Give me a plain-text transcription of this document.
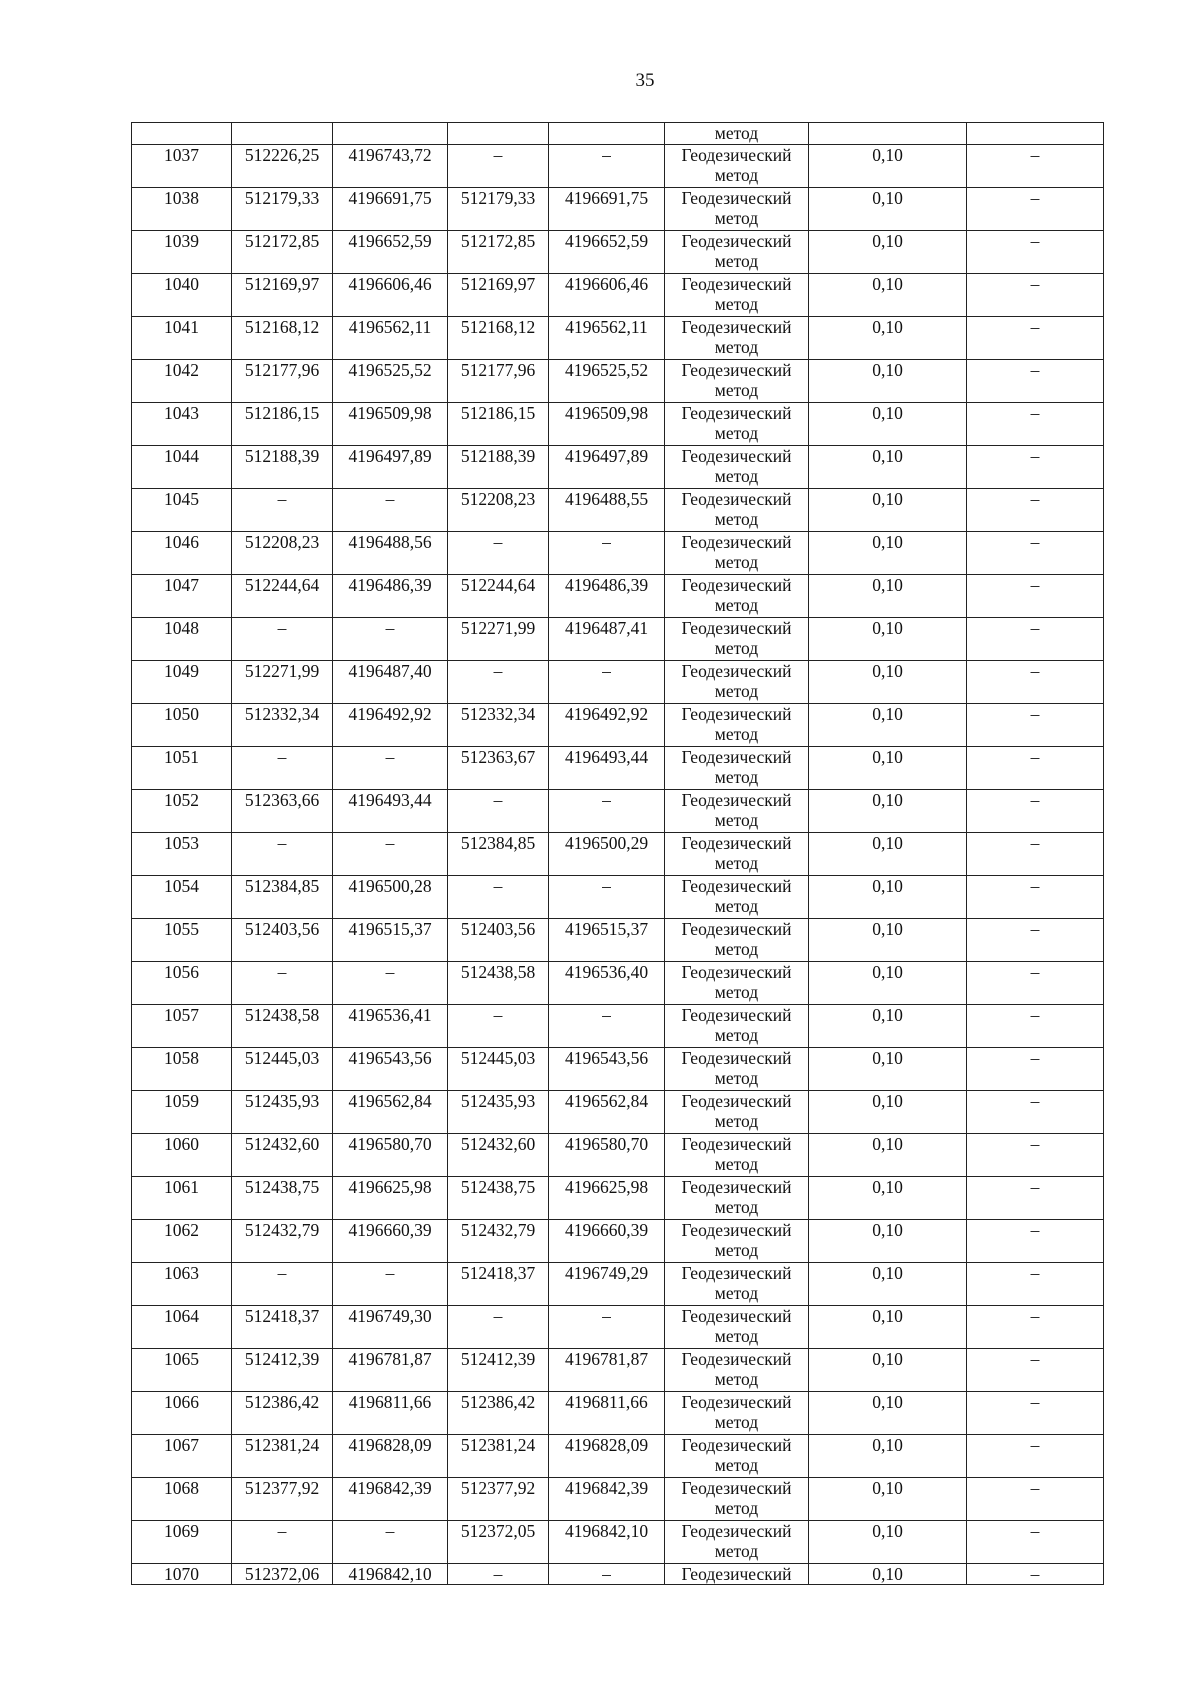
35
					метод		
1037	512226,25	4196743,72	–	–	Геодезический
метод	0,10	–
1038	512179,33	4196691,75	512179,33	4196691,75	Геодезический
метод	0,10	–
1039	512172,85	4196652,59	512172,85	4196652,59	Геодезический
метод	0,10	–
1040	512169,97	4196606,46	512169,97	4196606,46	Геодезический
метод	0,10	–
1041	512168,12	4196562,11	512168,12	4196562,11	Геодезический
метод	0,10	–
1042	512177,96	4196525,52	512177,96	4196525,52	Геодезический
метод	0,10	–
1043	512186,15	4196509,98	512186,15	4196509,98	Геодезический
метод	0,10	–
1044	512188,39	4196497,89	512188,39	4196497,89	Геодезический
метод	0,10	–
1045	–	–	512208,23	4196488,55	Геодезический
метод	0,10	–
1046	512208,23	4196488,56	–	–	Геодезический
метод	0,10	–
1047	512244,64	4196486,39	512244,64	4196486,39	Геодезический
метод	0,10	–
1048	–	–	512271,99	4196487,41	Геодезический
метод	0,10	–
1049	512271,99	4196487,40	–	–	Геодезический
метод	0,10	–
1050	512332,34	4196492,92	512332,34	4196492,92	Геодезический
метод	0,10	–
1051	–	–	512363,67	4196493,44	Геодезический
метод	0,10	–
1052	512363,66	4196493,44	–	–	Геодезический
метод	0,10	–
1053	–	–	512384,85	4196500,29	Геодезический
метод	0,10	–
1054	512384,85	4196500,28	–	–	Геодезический
метод	0,10	–
1055	512403,56	4196515,37	512403,56	4196515,37	Геодезический
метод	0,10	–
1056	–	–	512438,58	4196536,40	Геодезический
метод	0,10	–
1057	512438,58	4196536,41	–	–	Геодезический
метод	0,10	–
1058	512445,03	4196543,56	512445,03	4196543,56	Геодезический
метод	0,10	–
1059	512435,93	4196562,84	512435,93	4196562,84	Геодезический
метод	0,10	–
1060	512432,60	4196580,70	512432,60	4196580,70	Геодезический
метод	0,10	–
1061	512438,75	4196625,98	512438,75	4196625,98	Геодезический
метод	0,10	–
1062	512432,79	4196660,39	512432,79	4196660,39	Геодезический
метод	0,10	–
1063	–	–	512418,37	4196749,29	Геодезический
метод	0,10	–
1064	512418,37	4196749,30	–	–	Геодезический
метод	0,10	–
1065	512412,39	4196781,87	512412,39	4196781,87	Геодезический
метод	0,10	–
1066	512386,42	4196811,66	512386,42	4196811,66	Геодезический
метод	0,10	–
1067	512381,24	4196828,09	512381,24	4196828,09	Геодезический
метод	0,10	–
1068	512377,92	4196842,39	512377,92	4196842,39	Геодезический
метод	0,10	–
1069	–	–	512372,05	4196842,10	Геодезический
метод	0,10	–
1070	512372,06	4196842,10	–	–	Геодезический	0,10	–
